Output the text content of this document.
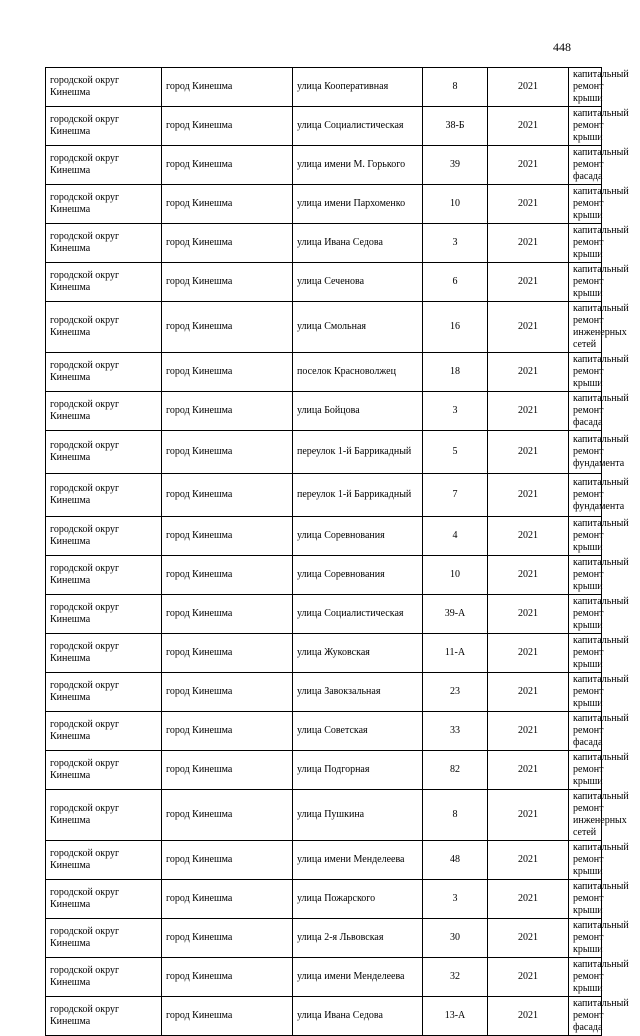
448
городской округ Кинешма	город Кинешма	улица Кооперативная	8	2021	капитальный ремонт крыши
городской округ Кинешма	город Кинешма	улица Социалистическая	38-Б	2021	капитальный ремонт крыши
городской округ Кинешма	город Кинешма	улица имени М. Горького	39	2021	капитальный ремонт фасада
городской округ Кинешма	город Кинешма	улица имени Пархоменко	10	2021	капитальный ремонт крыши
городской округ Кинешма	город Кинешма	улица Ивана Седова	3	2021	капитальный ремонт крыши
городской округ Кинешма	город Кинешма	улица Сеченова	6	2021	капитальный ремонт крыши
городской округ Кинешма	город Кинешма	улица Смольная	16	2021	капитальный ремонт инженерных сетей
городской округ Кинешма	город Кинешма	поселок Красноволжец	18	2021	капитальный ремонт крыши
городской округ Кинешма	город Кинешма	улица Бойцова	3	2021	капитальный ремонт фасада
городской округ Кинешма	город Кинешма	переулок 1-й Баррикадный	5	2021	капитальный ремонт фундамента
городской округ Кинешма	город Кинешма	переулок 1-й Баррикадный	7	2021	капитальный ремонт фундамента
городской округ Кинешма	город Кинешма	улица Соревнования	4	2021	капитальный ремонт крыши
городской округ Кинешма	город Кинешма	улица Соревнования	10	2021	капитальный ремонт крыши
городской округ Кинешма	город Кинешма	улица Социалистическая	39-А	2021	капитальный ремонт крыши
городской округ Кинешма	город Кинешма	улица Жуковская	11-А	2021	капитальный ремонт крыши
городской округ Кинешма	город Кинешма	улица Завокзальная	23	2021	капитальный ремонт крыши
городской округ Кинешма	город Кинешма	улица Советская	33	2021	капитальный ремонт фасада
городской округ Кинешма	город Кинешма	улица Подгорная	82	2021	капитальный ремонт крыши
городской округ Кинешма	город Кинешма	улица Пушкина	8	2021	капитальный ремонт инженерных сетей
городской округ Кинешма	город Кинешма	улица имени Менделеева	48	2021	капитальный ремонт крыши
городской округ Кинешма	город Кинешма	улица Пожарского	3	2021	капитальный ремонт крыши
городской округ Кинешма	город Кинешма	улица 2-я Львовская	30	2021	капитальный ремонт крыши
городской округ Кинешма	город Кинешма	улица имени Менделеева	32	2021	капитальный ремонт крыши
городской округ Кинешма	город Кинешма	улица Ивана Седова	13-А	2021	капитальный ремонт фасада
